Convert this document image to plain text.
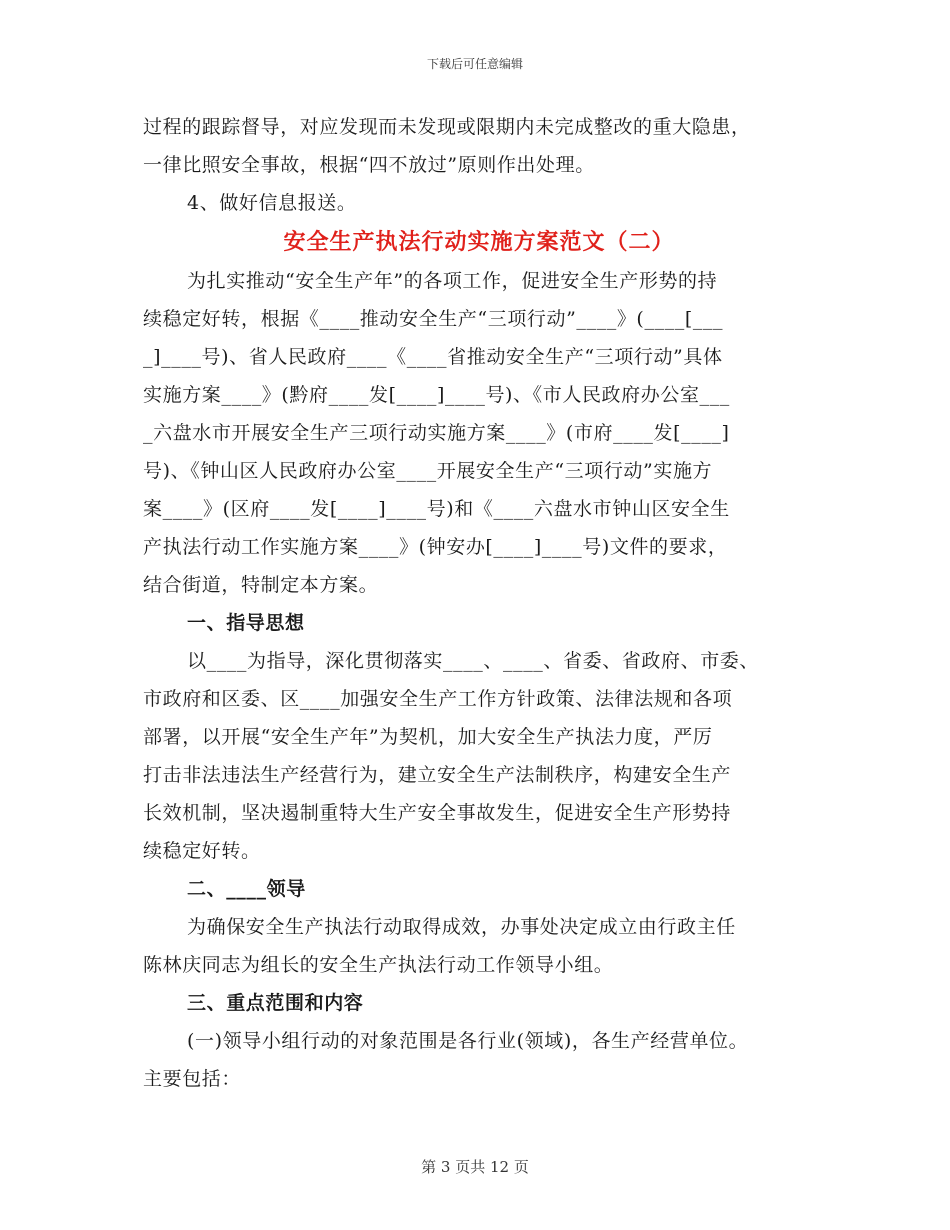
下载后可任意编辑
过程的跟踪督导，对应发现而未发现或限期内未完成整改的重大隐患，
一律比照安全事故，根据“四不放过”原则作出处理。
4、做好信息报送。
安全生产执法行动实施方案范文（二）
为扎实推动“安全生产年”的各项工作，促进安全生产形势的持
续稳定好转，根据《____推动安全生产“三项行动”____》(____[___
_]____号)、省人民政府____《____省推动安全生产“三项行动”具体
实施方案____》(黔府____发[____]____号)、《市人民政府办公室___
_六盘水市开展安全生产三项行动实施方案____》(市府____发[____]
号)、《钟山区人民政府办公室____开展安全生产“三项行动”实施方
案____》(区府____发[____]____号)和《____六盘水市钟山区安全生
产执法行动工作实施方案____》(钟安办[____]____号)文件的要求，
结合街道，特制定本方案。
一、指导思想
以____为指导，深化贯彻落实____、____、省委、省政府、市委、
市政府和区委、区____加强安全生产工作方针政策、法律法规和各项
部署，以开展“安全生产年”为契机，加大安全生产执法力度，严厉
打击非法违法生产经营行为，建立安全生产法制秩序，构建安全生产
长效机制，坚决遏制重特大生产安全事故发生，促进安全生产形势持
续稳定好转。
二、____领导
为确保安全生产执法行动取得成效，办事处决定成立由行政主任
陈林庆同志为组长的安全生产执法行动工作领导小组。
三、重点范围和内容
(一)领导小组行动的对象范围是各行业(领域)，各生产经营单位。
主要包括：
第 3 页共 12 页
